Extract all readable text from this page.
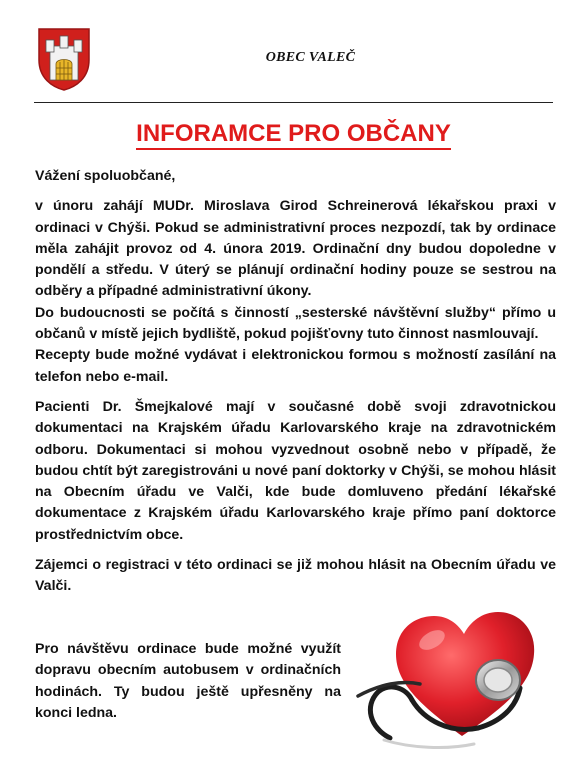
OBEC VALEČ
INFORAMCE PRO OBČANY

Vážení spoluobčané,

v únoru zahájí MUDr. Miroslava Girod Schreinerová lékařskou praxi v ordinaci v Chýši. Pokud se administrativní proces nezpozdí, tak by ordinace měla zahájit provoz od 4. února 2019. Ordinační dny budou dopoledne v pondělí a středu. V úterý se plánují ordinační hodiny pouze se sestrou na odběry a případné administrativní úkony.

Do budoucnosti se počítá s činností „sesterské návštěvní služby“ přímo u občanů v místě jejich bydliště, pokud pojišťovny tuto činnost nasmlouvají.

Recepty bude možné vydávat i elektronickou formou s možností zasílání na telefon nebo e-mail.

Pacienti Dr. Šmejkalové mají v současné době svoji zdravotnickou dokumentaci na Krajském úřadu Karlovarského kraje na zdravotnickém odboru. Dokumentaci si mohou vyzvednout osobně nebo v případě, že budou chtít být zaregistrováni u nové paní doktorky v Chýši, se mohou hlásit na Obecním úřadu ve Valči, kde bude domluveno předání lékařské dokumentace z Krajském úřadu Karlovarského kraje přímo paní doktorce prostřednictvím obce.

Zájemci o registraci v této ordinaci se již mohou hlásit na Obecním úřadu ve Valči.

Pro návštěvu ordinace bude možné využít dopravu obecním autobusem v ordinačních hodinách. Ty budou ještě upřesněny na konci ledna.
